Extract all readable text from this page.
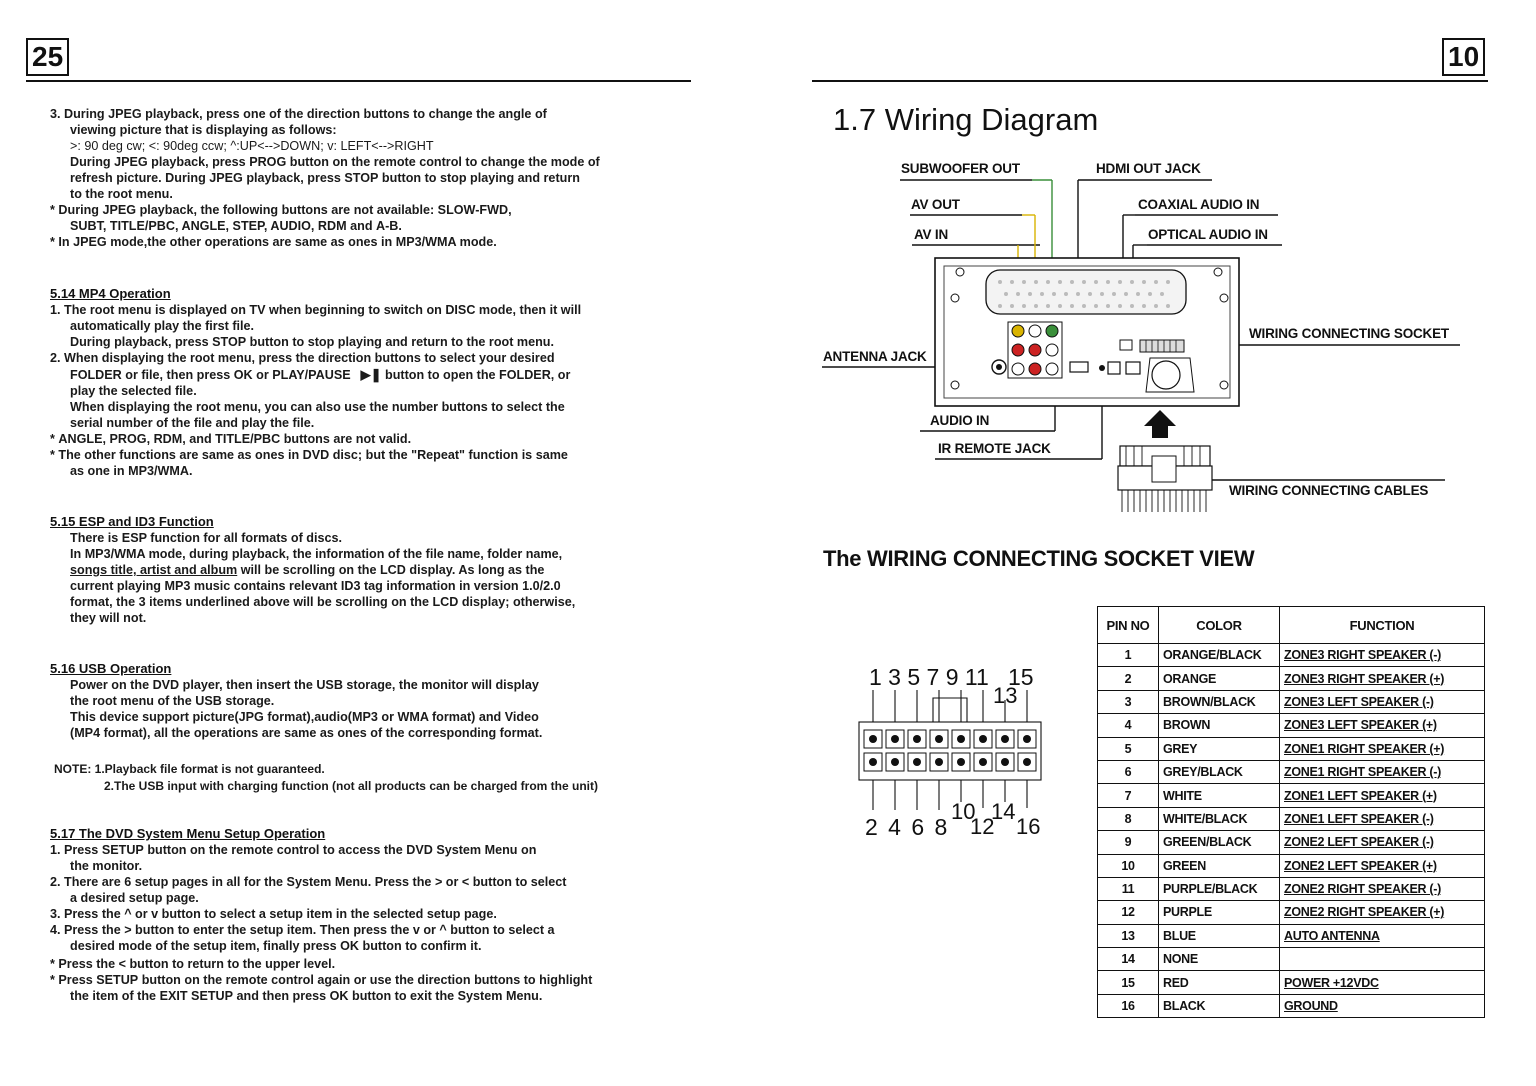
25
3. During JPEG playback, press one of the direction buttons to change the angle of
viewing picture that is displaying as follows:
>: 90 deg cw; <: 90deg ccw; ^:UP<-->DOWN; v: LEFT<-->RIGHT
During JPEG playback, press PROG button on the remote control to change the mode of
refresh picture. During JPEG playback, press STOP button to stop playing and return
to the root menu.
* During JPEG playback, the following buttons are not available: SLOW-FWD,
SUBT, TITLE/PBC, ANGLE, STEP, AUDIO, RDM and A-B.
* In JPEG mode,the other operations are same as ones in MP3/WMA mode.
5.14 MP4 Operation
1. The root menu is displayed on TV when beginning to switch on DISC mode, then it will
automatically play the first file.
During playback, press STOP button to stop playing and return to the root menu.
2. When displaying the root menu, press the direction buttons to select your desired
FOLDER or file, then press OK or PLAY/PAUSE ▶❚ button to open the FOLDER, or
play the selected file.
When displaying the root menu, you can also use the number buttons to select the
serial number of the file and play the file.
* ANGLE, PROG, RDM, and TITLE/PBC buttons are not valid.
* The other functions are same as ones in DVD disc; but the "Repeat" function is same
as one in MP3/WMA.
5.15 ESP and ID3 Function
There is ESP function for all formats of discs.
In MP3/WMA mode, during playback, the information of the file name, folder name,
songs title, artist and album will be scrolling on the LCD display. As long as the
current playing MP3 music contains relevant ID3 tag information in version 1.0/2.0
format, the 3 items underlined above will be scrolling on the LCD display; otherwise,
they will not.
5.16 USB Operation
Power on the DVD player, then insert the USB storage, the monitor will display
the root menu of the USB storage.
This device support picture(JPG format),audio(MP3 or WMA format) and Video
(MP4 format), all the operations are same as ones of the corresponding format.
NOTE: 1.Playback file format is not guaranteed.
2.The USB input with charging function (not all products can be charged from the unit)
5.17 The DVD System Menu Setup Operation
1. Press SETUP button on the remote control to access the DVD System Menu on
the monitor.
2. There are 6 setup pages in all for the System Menu. Press the > or < button to select
a desired setup page.
3. Press the ^ or v button to select a setup item in the selected setup page.
4. Press the > button to enter the setup item. Then press the v or ^ button to select a
desired mode of the setup item, finally press OK button to confirm it.
* Press the < button to return to the upper level.
* Press SETUP button on the remote control again or use the direction buttons to highlight
the item of the EXIT SETUP and then press OK button to exit the System Menu.
10
1.7 Wiring Diagram
SUBWOOFER OUT	HDMI OUT JACK
AV OUT	COAXIAL AUDIO IN
AV IN	OPTICAL AUDIO IN
WIRING CONNECTING SOCKET
ANTENNA JACK
AUDIO IN
IR REMOTE JACK
WIRING CONNECTING CABLES
The WIRING CONNECTING SOCKET VIEW
1 3 5 7 9 11   15
13
2 4 6 8
10
12
14
16
PIN NO	COLOR	FUNCTION
1	ORANGE/BLACK	ZONE3 RIGHT SPEAKER (-)
2	ORANGE	ZONE3 RIGHT SPEAKER (+)
3	BROWN/BLACK	ZONE3 LEFT SPEAKER (-)
4	BROWN	ZONE3 LEFT SPEAKER (+)
5	GREY	ZONE1 RIGHT SPEAKER (+)
6	GREY/BLACK	ZONE1 RIGHT SPEAKER (-)
7	WHITE	ZONE1 LEFT SPEAKER (+)
8	WHITE/BLACK	ZONE1 LEFT SPEAKER (-)
9	GREEN/BLACK	ZONE2 LEFT SPEAKER (-)
10	GREEN	ZONE2 LEFT SPEAKER (+)
11	PURPLE/BLACK	ZONE2 RIGHT SPEAKER (-)
12	PURPLE	ZONE2 RIGHT SPEAKER (+)
13	BLUE	AUTO ANTENNA
14	NONE	
15	RED	POWER +12VDC
16	BLACK	GROUND
